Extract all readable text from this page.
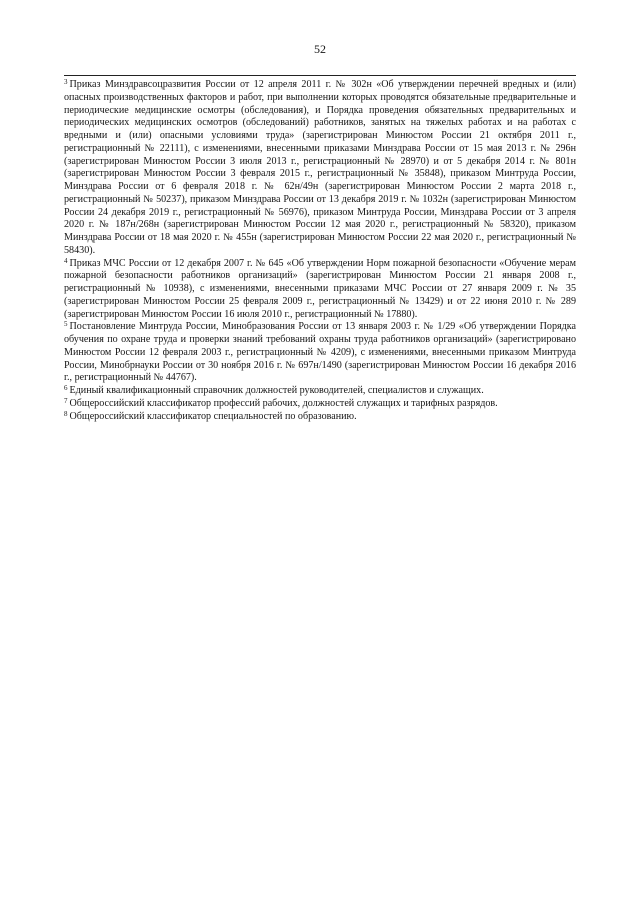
52

$^3$ Приказ Минздравсоцразвития России от 12 апреля 2011 г. № 302н «Об утверждении перечней вредных и (или) опасных производственных факторов и работ, при выполнении которых проводятся обязательные предварительные и периодические медицинские осмотры (обследования), и Порядка проведения обязательных предварительных и периодических медицинских осмотров (обследований) работников, занятых на тяжелых работах и на работах с вредными и (или) опасными условиями труда» (зарегистрирован Минюстом России 21 октября 2011 г., регистрационный № 22111), с изменениями, внесенными приказами Минздрава России от 15 мая 2013 г. № 296н (зарегистрирован Минюстом России 3 июля 2013 г., регистрационный № 28970) и от 5 декабря 2014 г. № 801н (зарегистрирован Минюстом России 3 февраля 2015 г., регистрационный № 35848), приказом Минтруда России, Минздрава России от 6 февраля 2018 г. № 62н/49н (зарегистрирован Минюстом России 2 марта 2018 г., регистрационный № 50237), приказом Минздрава России от 13 декабря 2019 г. № 1032н (зарегистрирован Минюстом России 24 декабря 2019 г., регистрационный № 56976), приказом Минтруда России, Минздрава России от 3 апреля 2020 г. № 187н/268н (зарегистрирован Минюстом России 12 мая 2020 г., регистрационный № 58320), приказом Минздрава России от 18 мая 2020 г. № 455н (зарегистрирован Минюстом России 22 мая 2020 г., регистрационный № 58430).

$^4$ Приказ МЧС России от 12 декабря 2007 г. № 645 «Об утверждении Норм пожарной безопасности «Обучение мерам пожарной безопасности работников организаций» (зарегистрирован Минюстом России 21 января 2008 г., регистрационный № 10938), с изменениями, внесенными приказами МЧС России от 27 января 2009 г. № 35 (зарегистрирован Минюстом России 25 февраля 2009 г., регистрационный № 13429) и от 22 июня 2010 г. № 289 (зарегистрирован Минюстом России 16 июля 2010 г., регистрационный № 17880).

$^5$ Постановление Минтруда России, Минобразования России от 13 января 2003 г. № 1/29 «Об утверждении Порядка обучения по охране труда и проверки знаний требований охраны труда работников организаций» (зарегистрировано Минюстом России 12 февраля 2003 г., регистрационный № 4209), с изменениями, внесенными приказом Минтруда России, Минобрнауки России от 30 ноября 2016 г. № 697н/1490 (зарегистрирован Минюстом России 16 декабря 2016 г., регистрационный № 44767).

$^6$ Единый квалификационный справочник должностей руководителей, специалистов и служащих.

$^7$ Общероссийский классификатор профессий рабочих, должностей служащих и тарифных разрядов.

$^8$ Общероссийский классификатор специальностей по образованию.
